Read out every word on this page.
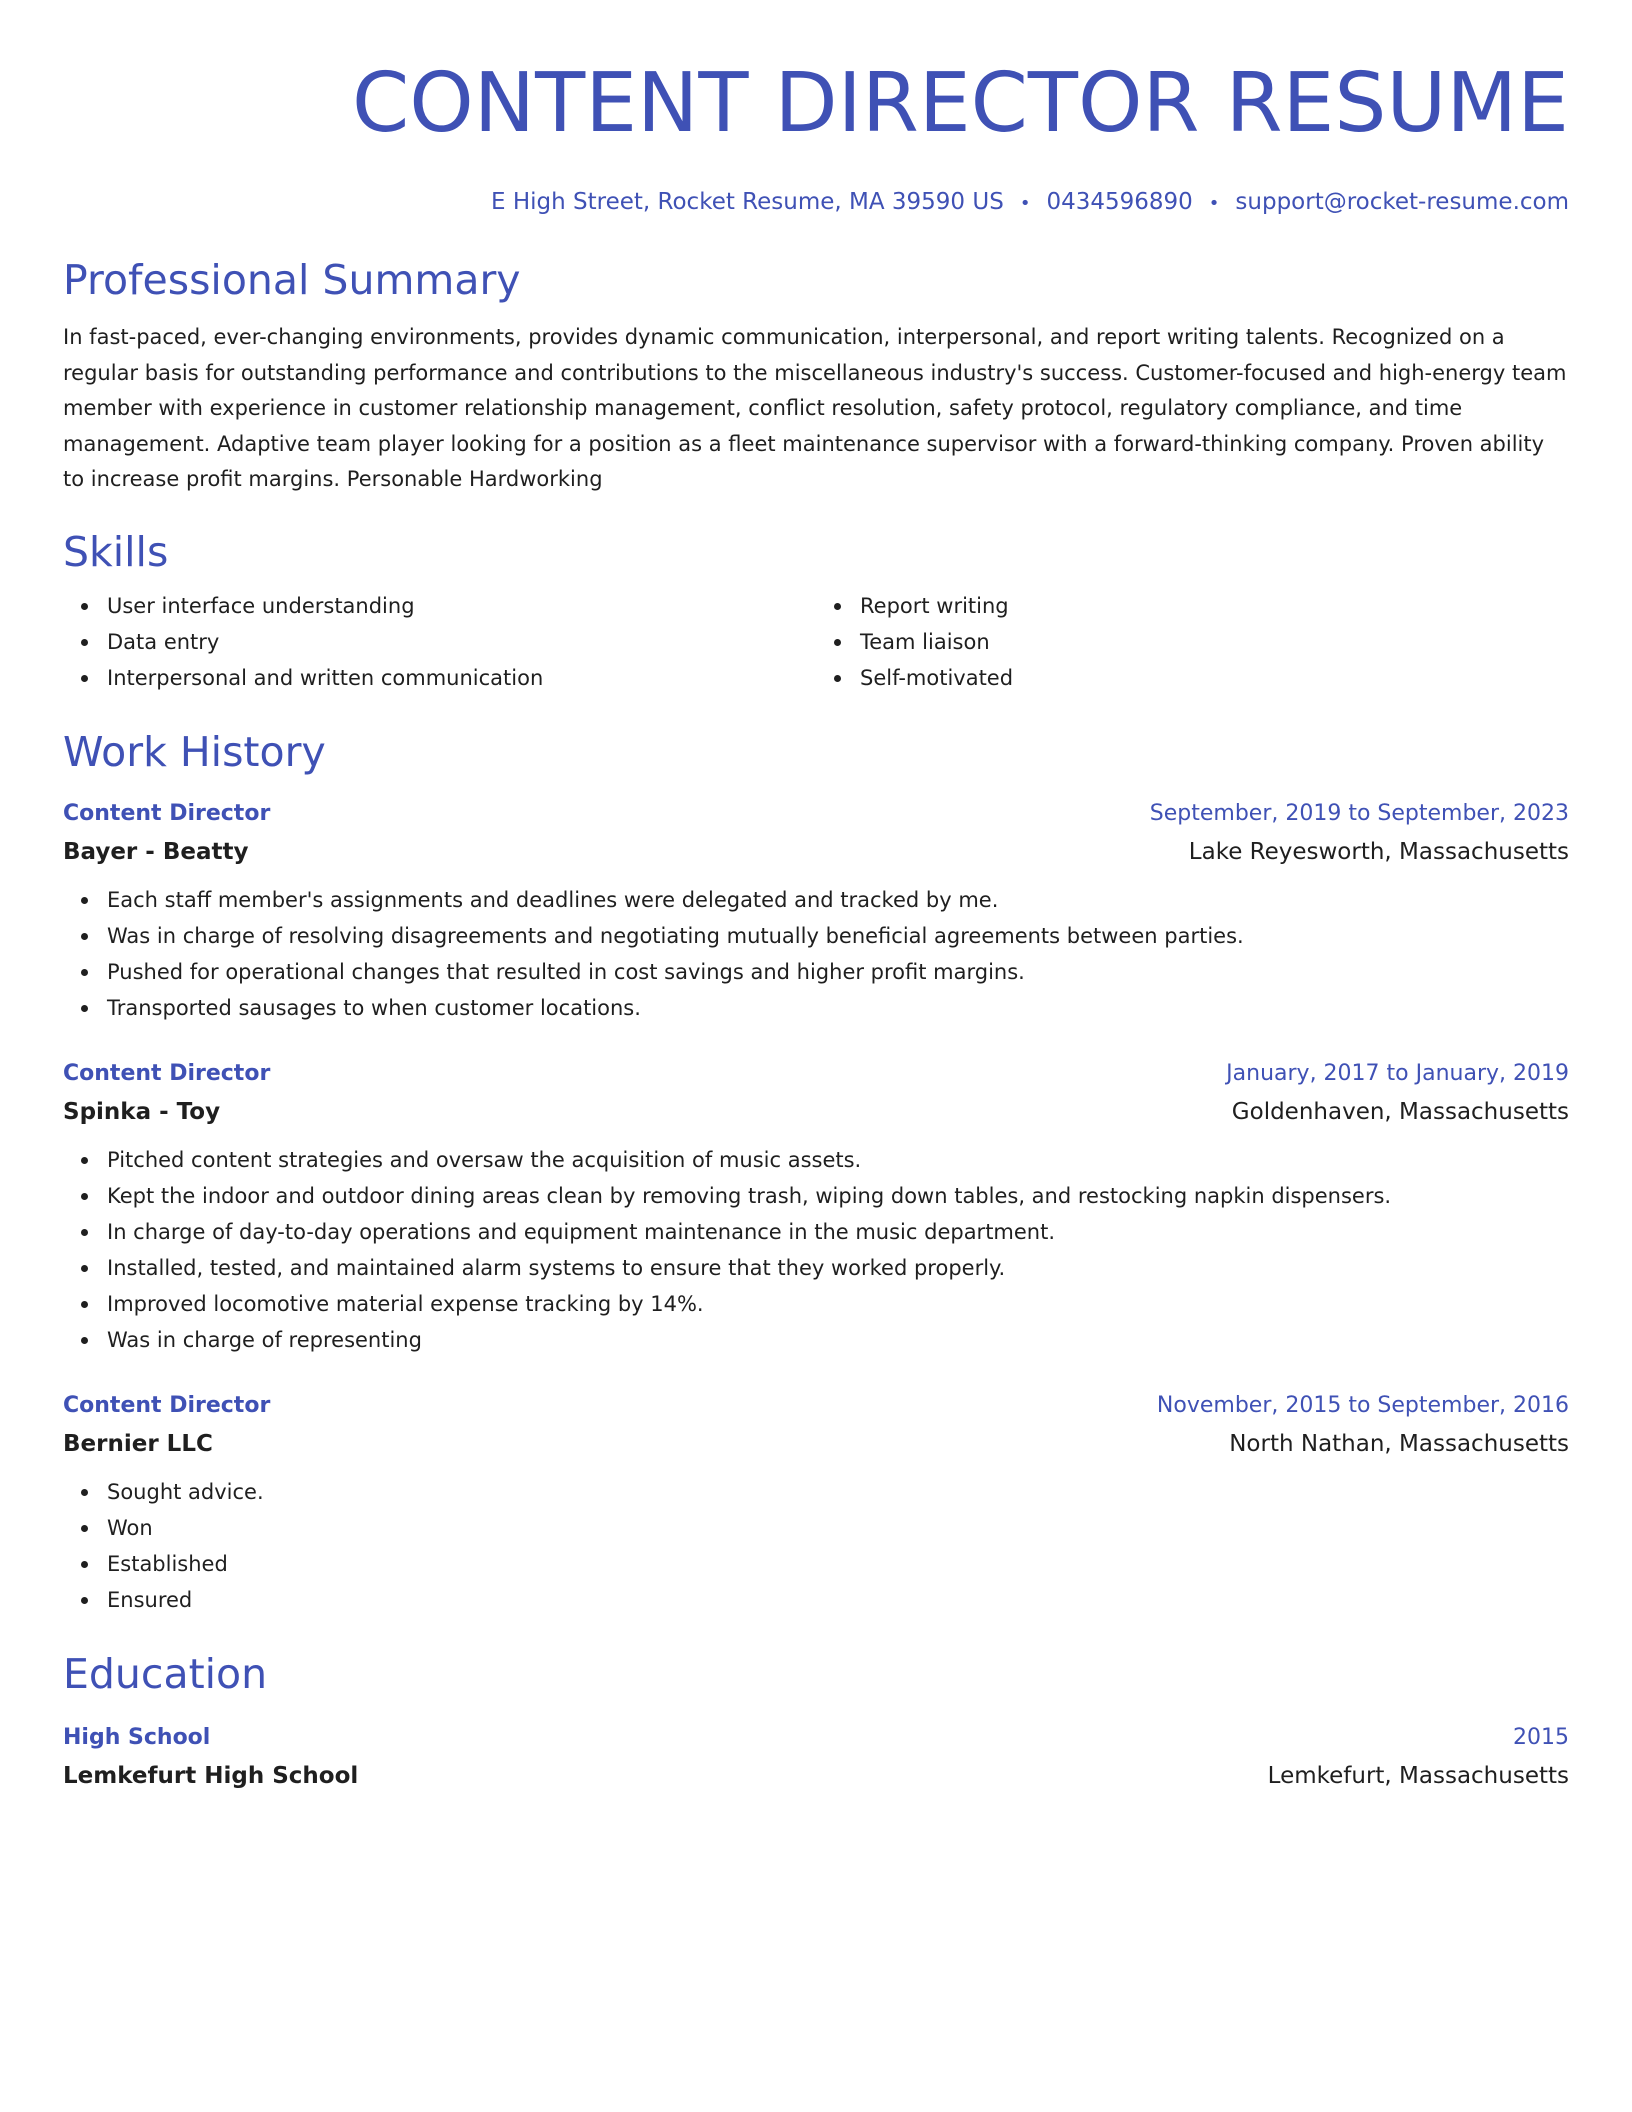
CONTENT DIRECTOR RESUME
E High Street, Rocket Resume, MA 39590 US • 0434596890 • support@rocket-resume.com
Professional Summary
In fast-paced, ever-changing environments, provides dynamic communication, interpersonal, and report writing talents. Recognized on a regular basis for outstanding performance and contributions to the miscellaneous industry's success. Customer-focused and high-energy team member with experience in customer relationship management, conflict resolution, safety protocol, regulatory compliance, and time management. Adaptive team player looking for a position as a fleet maintenance supervisor with a forward-thinking company. Proven ability to increase profit margins. Personable Hardworking
Skills
User interface understanding
Data entry
Interpersonal and written communication
Report writing
Team liaison
Self-motivated
Work History
Content Director	September, 2019 to September, 2023
Bayer - Beatty	Lake Reyesworth, Massachusetts
Each staff member's assignments and deadlines were delegated and tracked by me.
Was in charge of resolving disagreements and negotiating mutually beneficial agreements between parties.
Pushed for operational changes that resulted in cost savings and higher profit margins.
Transported sausages to when customer locations.
Content Director	January, 2017 to January, 2019
Spinka - Toy	Goldenhaven, Massachusetts
Pitched content strategies and oversaw the acquisition of music assets.
Kept the indoor and outdoor dining areas clean by removing trash, wiping down tables, and restocking napkin dispensers.
In charge of day-to-day operations and equipment maintenance in the music department.
Installed, tested, and maintained alarm systems to ensure that they worked properly.
Improved locomotive material expense tracking by 14%.
Was in charge of representing
Content Director	November, 2015 to September, 2016
Bernier LLC	North Nathan, Massachusetts
Sought advice.
Won
Established
Ensured
Education
High School	2015
Lemkefurt High School	Lemkefurt, Massachusetts
